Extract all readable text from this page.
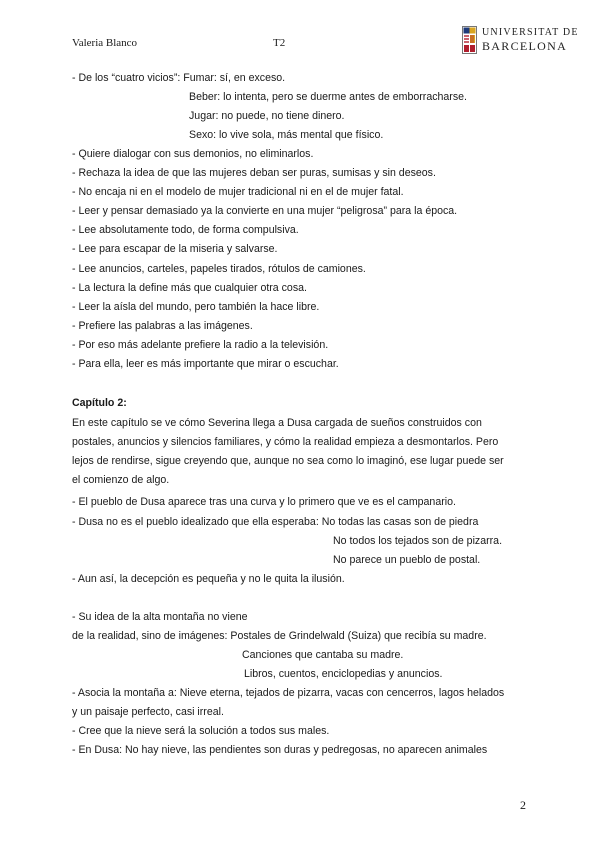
Valeria Blanco	T2
UNIVERSITAT DE
BARCELONA
- De los “cuatro vicios”: Fumar: sí, en exceso.
Beber: lo intenta, pero se duerme antes de emborracharse.
Jugar: no puede, no tiene dinero.
Sexo: lo vive sola, más mental que físico.
- Quiere dialogar con sus demonios, no eliminarlos.
- Rechaza la idea de que las mujeres deban ser puras, sumisas y sin deseos.
- No encaja ni en el modelo de mujer tradicional ni en el de mujer fatal.
- Leer y pensar demasiado ya la convierte en una mujer “peligrosa” para la época.
- Lee absolutamente todo, de forma compulsiva.
- Lee para escapar de la miseria y salvarse.
- Lee anuncios, carteles, papeles tirados, rótulos de camiones.
- La lectura la define más que cualquier otra cosa.
- Leer la aísla del mundo, pero también la hace libre.
- Prefiere las palabras a las imágenes.
- Por eso más adelante prefiere la radio a la televisión.
- Para ella, leer es más importante que mirar o escuchar.
Capítulo 2:
En este capítulo se ve cómo Severina llega a Dusa cargada de sueños construidos con
postales, anuncios y silencios familiares, y cómo la realidad empieza a desmontarlos. Pero
lejos de rendirse, sigue creyendo que, aunque no sea como lo imaginó, ese lugar puede ser
el comienzo de algo.
- El pueblo de Dusa aparece tras una curva y lo primero que ve es el campanario.
- Dusa no es el pueblo idealizado que ella esperaba: No todas las casas son de piedra
No todos los tejados son de pizarra.
No parece un pueblo de postal.
- Aun así, la decepción es pequeña y no le quita la ilusión.
- Su idea de la alta montaña no viene
de la realidad, sino de imágenes: Postales de Grindelwald (Suiza) que recibía su madre.
Canciones que cantaba su madre.
Libros, cuentos, enciclopedias y anuncios.
- Asocia la montaña a: Nieve eterna, tejados de pizarra, vacas con cencerros, lagos helados
y un paisaje perfecto, casi irreal.
- Cree que la nieve será la solución a todos sus males.
- En Dusa: No hay nieve, las pendientes son duras y pedregosas, no aparecen animales
2
